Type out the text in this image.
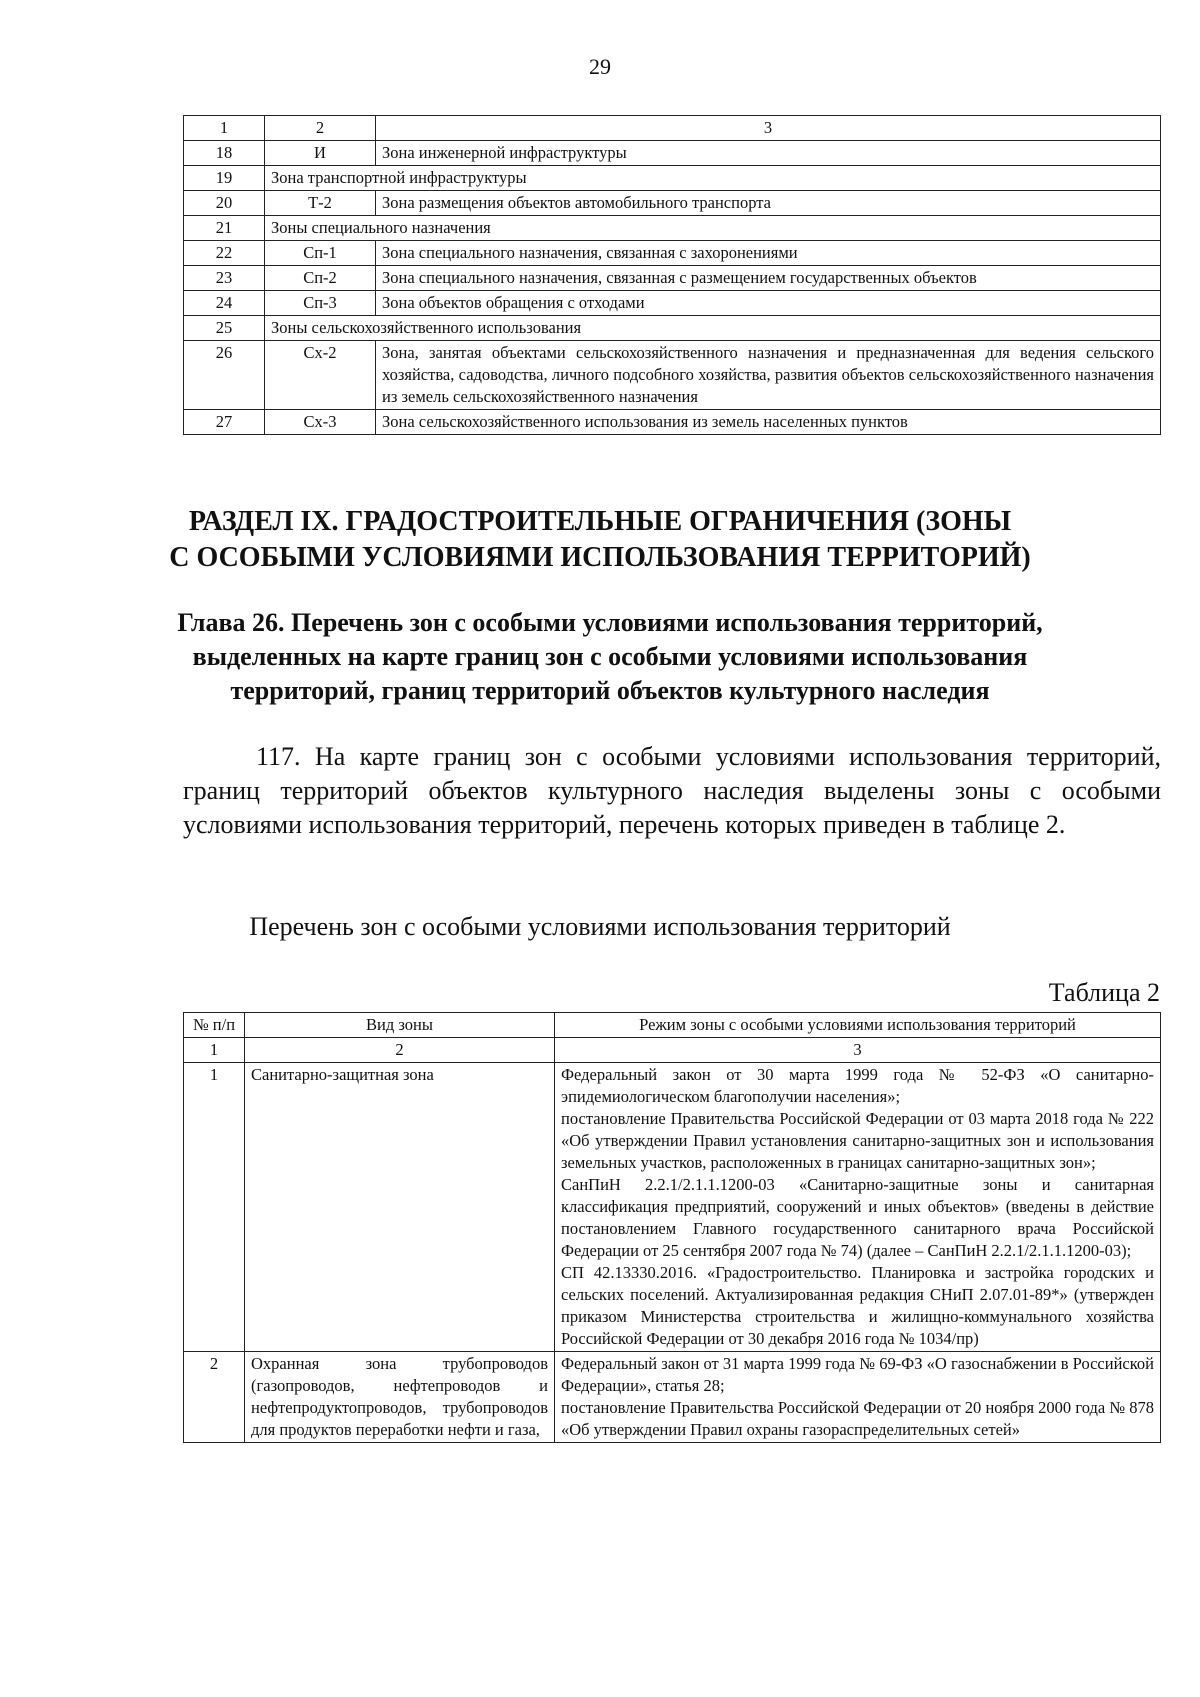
29
1	2	3
18	И	Зона инженерной инфраструктуры
19	Зона транспортной инфраструктуры	
20	Т-2	Зона размещения объектов автомобильного транспорта
21	Зоны специального назначения	
22	Сп-1	Зона специального назначения, связанная с захоронениями
23	Сп-2	Зона специального назначения, связанная с размещением государственных объектов
24	Сп-3	Зона объектов обращения с отходами
25	Зоны сельскохозяйственного использования	
26	Сх-2	Зона, занятая объектами сельскохозяйственного назначения и предназначенная для ведения сельского хозяйства, садоводства, личного подсобного хозяйства, развития объектов сельскохозяйственного назначения из земель сельскохозяйственного назначения
27	Сх-3	Зона сельскохозяйственного использования из земель населенных пунктов
РАЗДЕЛ IX. ГРАДОСТРОИТЕЛЬНЫЕ ОГРАНИЧЕНИЯ (ЗОНЫ
С ОСОБЫМИ УСЛОВИЯМИ ИСПОЛЬЗОВАНИЯ ТЕРРИТОРИЙ)
Глава 26. Перечень зон с особыми условиями использования территорий,
выделенных на карте границ зон с особыми условиями использования
территорий, границ территорий объектов культурного наследия
117. На карте границ зон с особыми условиями использования территорий, границ территорий объектов культурного наследия выделены зоны с особыми условиями использования территорий, перечень которых приведен в таблице 2.
Перечень зон с особыми условиями использования территорий
Таблица 2
№ п/п	Вид зоны	Режим зоны с особыми условиями использования территорий
1	2	3
1	Санитарно-защитная зона	Федеральный закон от 30 марта 1999 года № 52-ФЗ «О санитарно-эпидемиологическом благополучии населения»;
постановление Правительства Российской Федерации от 03 марта 2018 года № 222 «Об утверждении Правил установления санитарно-защитных зон и использования земельных участков, расположенных в границах санитарно-защитных зон»;
СанПиН 2.2.1/2.1.1.1200-03 «Санитарно-защитные зоны и санитарная классификация предприятий, сооружений и иных объектов» (введены в действие постановлением Главного государственного санитарного врача Российской Федерации от 25 сентября 2007 года № 74) (далее – СанПиН 2.2.1/2.1.1.1200-03);
СП 42.13330.2016. «Градостроительство. Планировка и застройка городских и сельских поселений. Актуализированная редакция СНиП 2.07.01-89*» (утвержден приказом Министерства строительства и жилищно-коммунального хозяйства Российской Федерации от 30 декабря 2016 года № 1034/пр)

2	Охранная зона трубопроводов (газопроводов, нефтепроводов и нефтепродуктопроводов, трубопроводов для продуктов переработки нефти и газа,	Федеральный закон от 31 марта 1999 года № 69-ФЗ «О газоснабжении в Российской Федерации», статья 28;
постановление Правительства Российской Федерации от 20 ноября 2000 года № 878 «Об утверждении Правил охраны газораспределительных сетей»
